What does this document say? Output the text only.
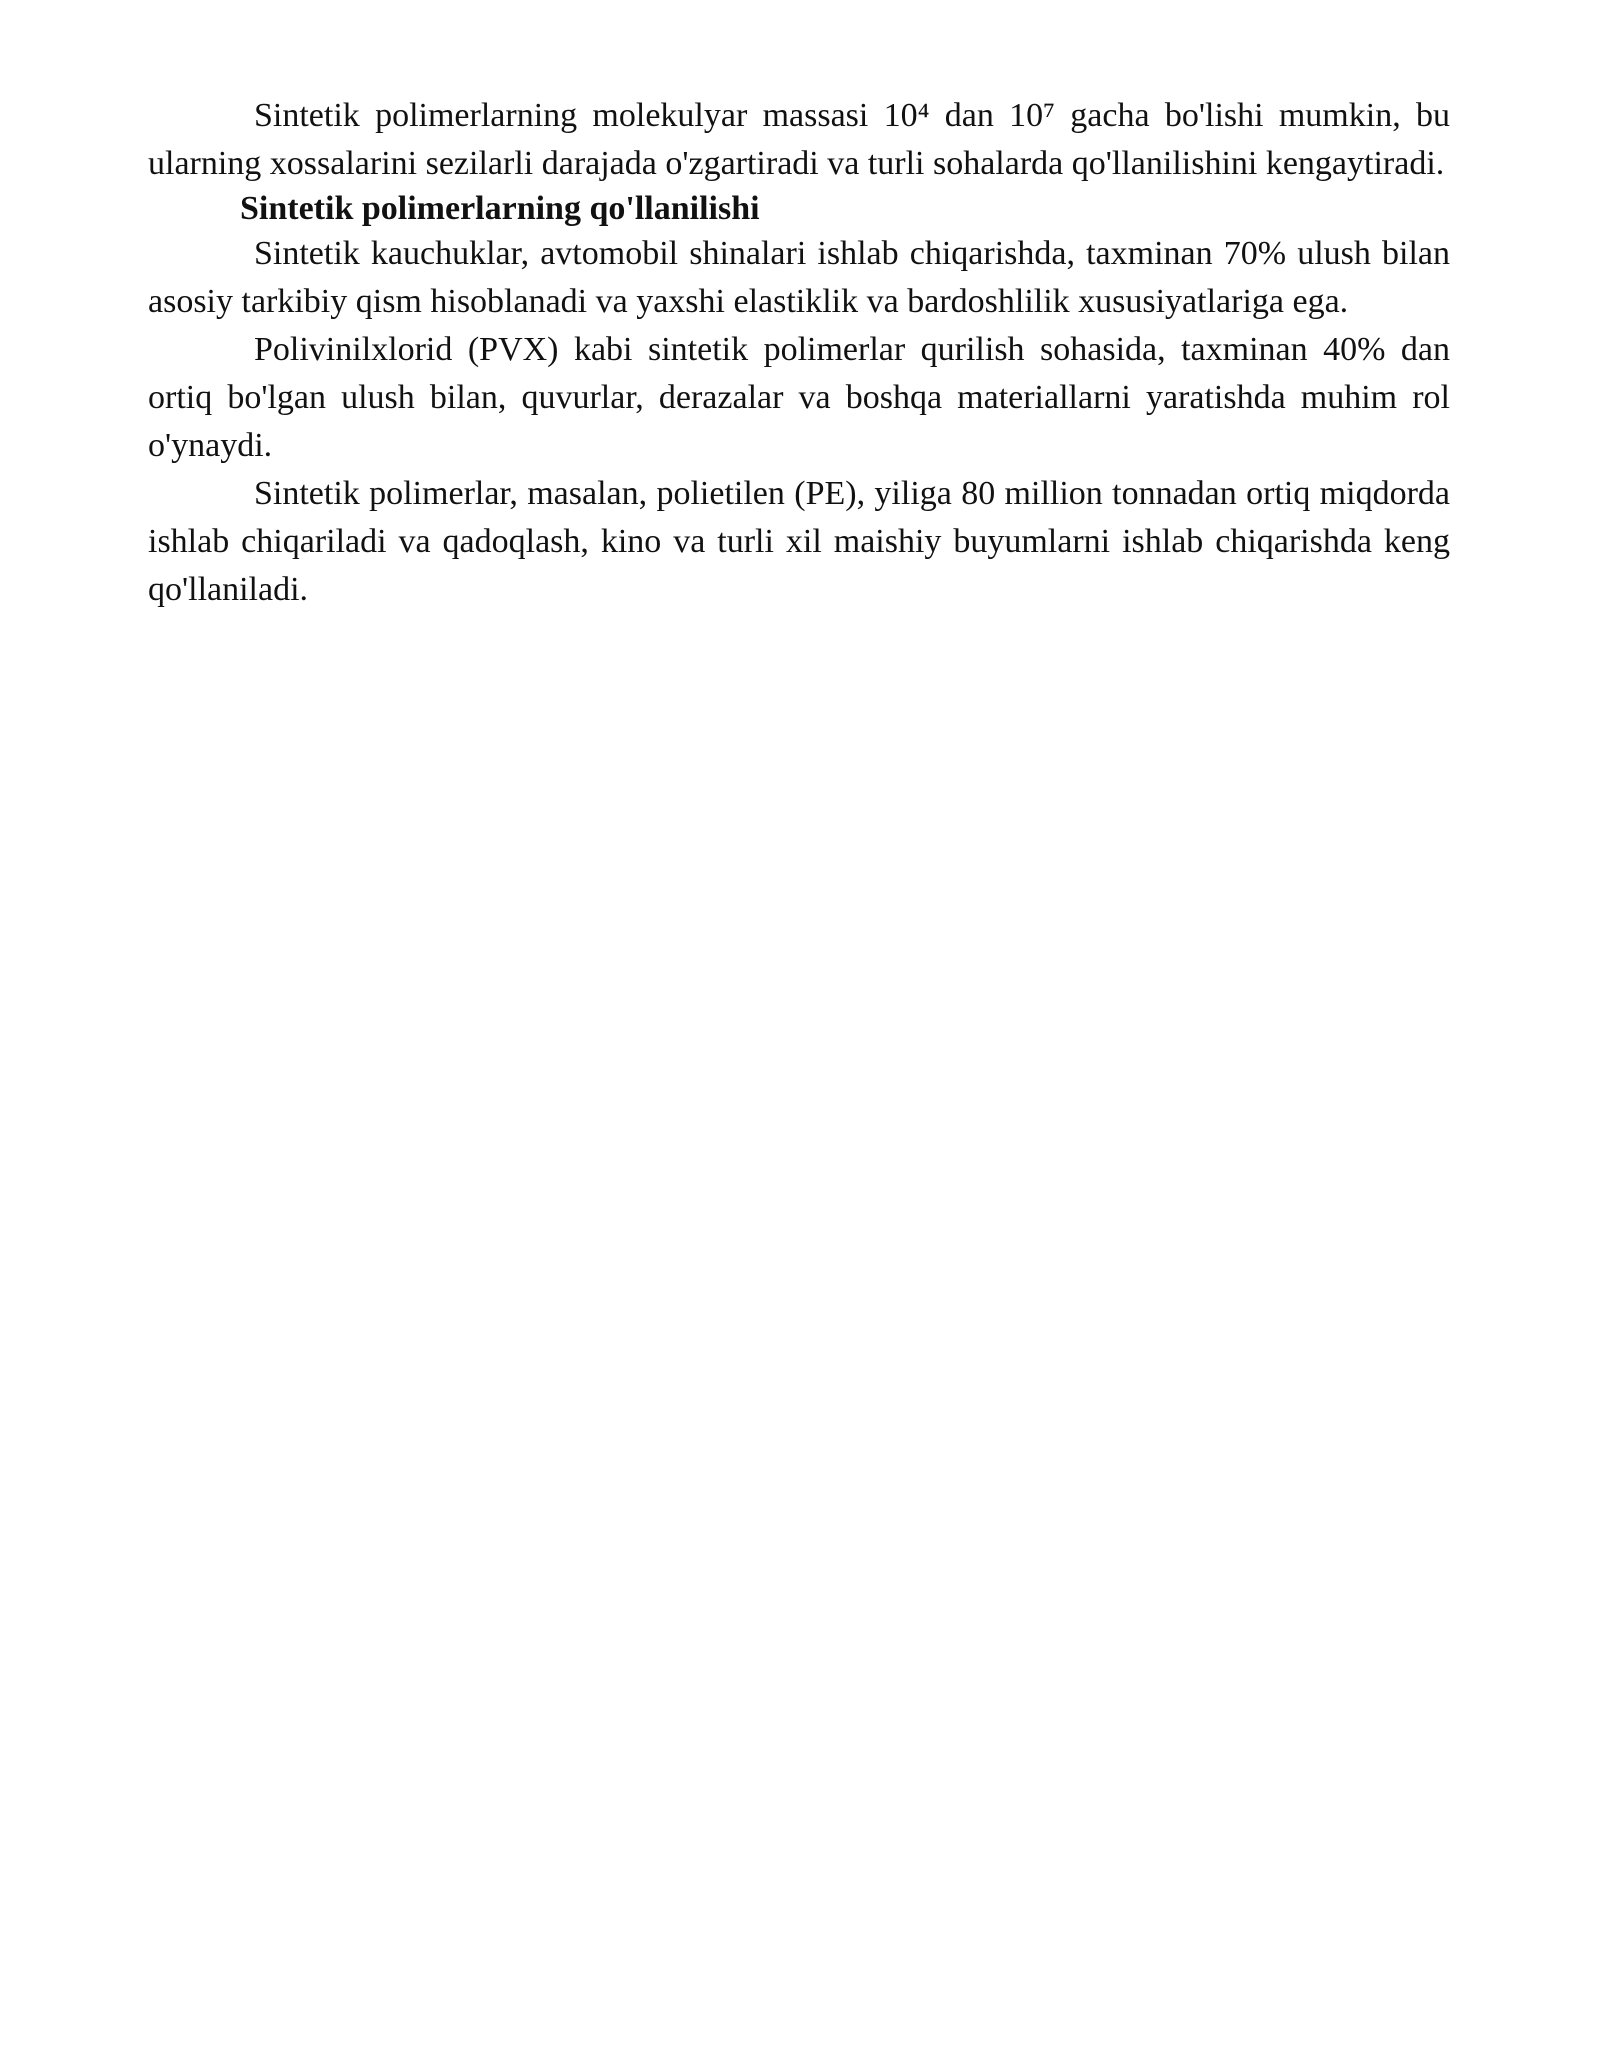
Sintetik polimerlarning molekulyar massasi 10⁴ dan 10⁷ gacha bo'lishi mumkin, bu ularning xossalarini sezilarli darajada o'zgartiradi va turli sohalarda qo'llanilishini kengaytiradi.

Sintetik polimerlarning qo'llanilishi

Sintetik kauchuklar, avtomobil shinalari ishlab chiqarishda, taxminan 70% ulush bilan asosiy tarkibiy qism hisoblanadi va yaxshi elastiklik va bardoshlilik xususiyatlariga ega.

Polivinilxlorid (PVX) kabi sintetik polimerlar qurilish sohasida, taxminan 40% dan ortiq bo'lgan ulush bilan, quvurlar, derazalar va boshqa materiallarni yaratishda muhim rol o'ynaydi.

Sintetik polimerlar, masalan, polietilen (PE), yiligа 80 million tonnadan ortiq miqdorda ishlab chiqariladi va qadoqlash, kino va turli xil maishiy buyumlarni ishlab chiqarishda keng qo'llaniladi.
